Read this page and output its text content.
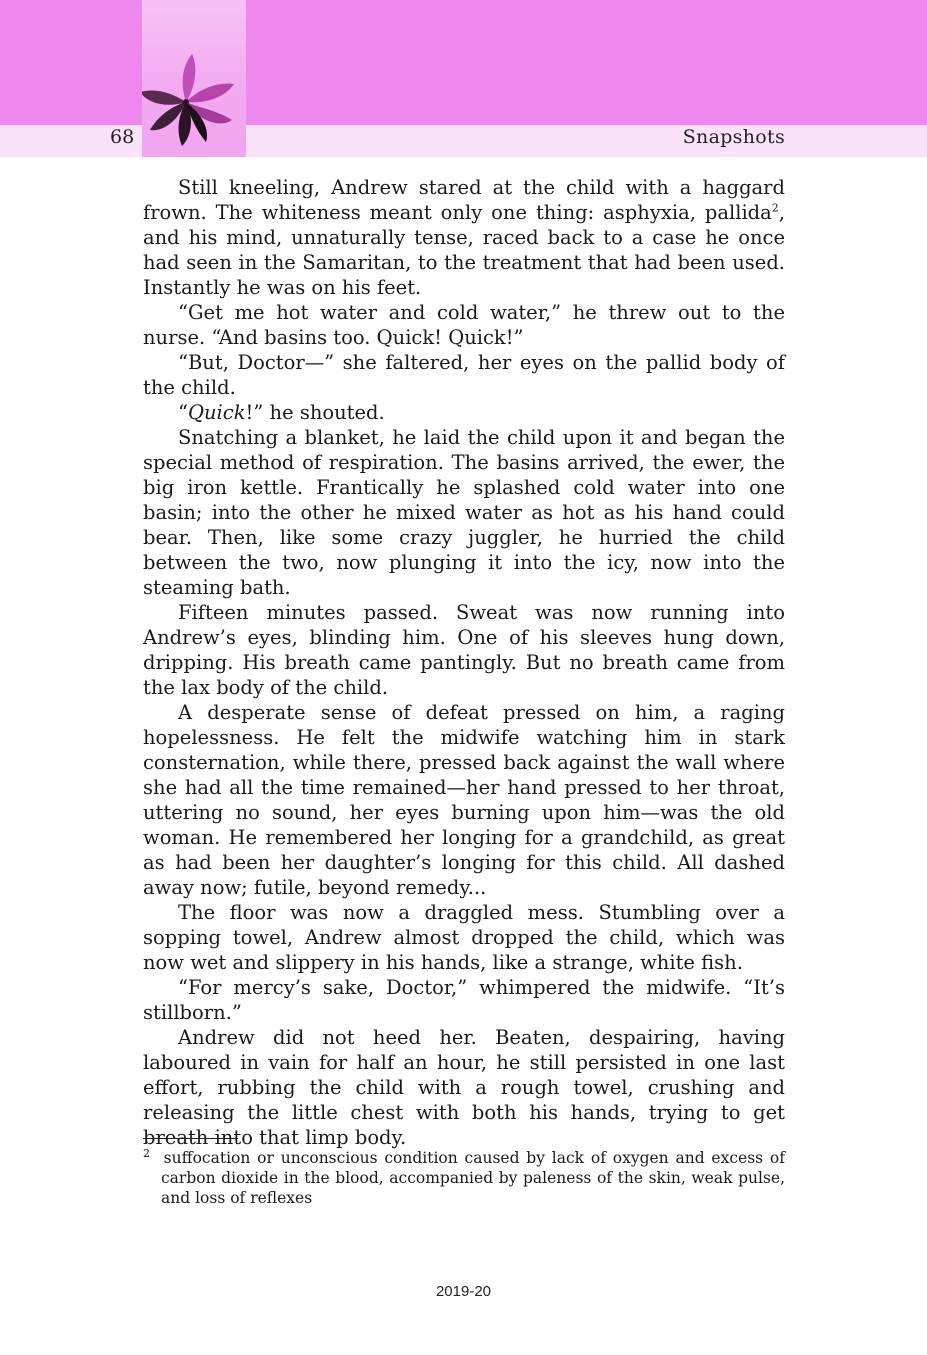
68	Snapshots

Still kneeling, Andrew stared at the child with a haggard frown. The whiteness meant only one thing: asphyxia, pallida$^2$, and his mind, unnaturally tense, raced back to a case he once had seen in the Samaritan, to the treatment that had been used. Instantly he was on his feet.

“Get me hot water and cold water,” he threw out to the nurse. “And basins too. Quick! Quick!”

“But, Doctor—” she faltered, her eyes on the pallid body of the child.

“Quick!” he shouted.

Snatching a blanket, he laid the child upon it and began the special method of respiration. The basins arrived, the ewer, the big iron kettle. Frantically he splashed cold water into one basin; into the other he mixed water as hot as his hand could bear. Then, like some crazy juggler, he hurried the child between the two, now plunging it into the icy, now into the steaming bath.

Fifteen minutes passed. Sweat was now running into Andrew’s eyes, blinding him. One of his sleeves hung down, dripping. His breath came pantingly. But no breath came from the lax body of the child.

A desperate sense of defeat pressed on him, a raging hopelessness. He felt the midwife watching him in stark consternation, while there, pressed back against the wall where she had all the time remained—her hand pressed to her throat, uttering no sound, her eyes burning upon him—was the old woman. He remembered her longing for a grandchild, as great as had been her daughter’s longing for this child. All dashed away now; futile, beyond remedy...

The floor was now a draggled mess. Stumbling over a sopping towel, Andrew almost dropped the child, which was now wet and slippery in his hands, like a strange, white fish.

“For mercy’s sake, Doctor,” whimpered the midwife. “It’s stillborn.”

Andrew did not heed her. Beaten, despairing, having laboured in vain for half an hour, he still persisted in one last effort, rubbing the child with a rough towel, crushing and releasing the little chest with both his hands, trying to get breath into that limp body.

$^2$ suffocation or unconscious condition caused by lack of oxygen and excess of carbon dioxide in the blood, accompanied by paleness of the skin, weak pulse, and loss of reflexes
2019-20
